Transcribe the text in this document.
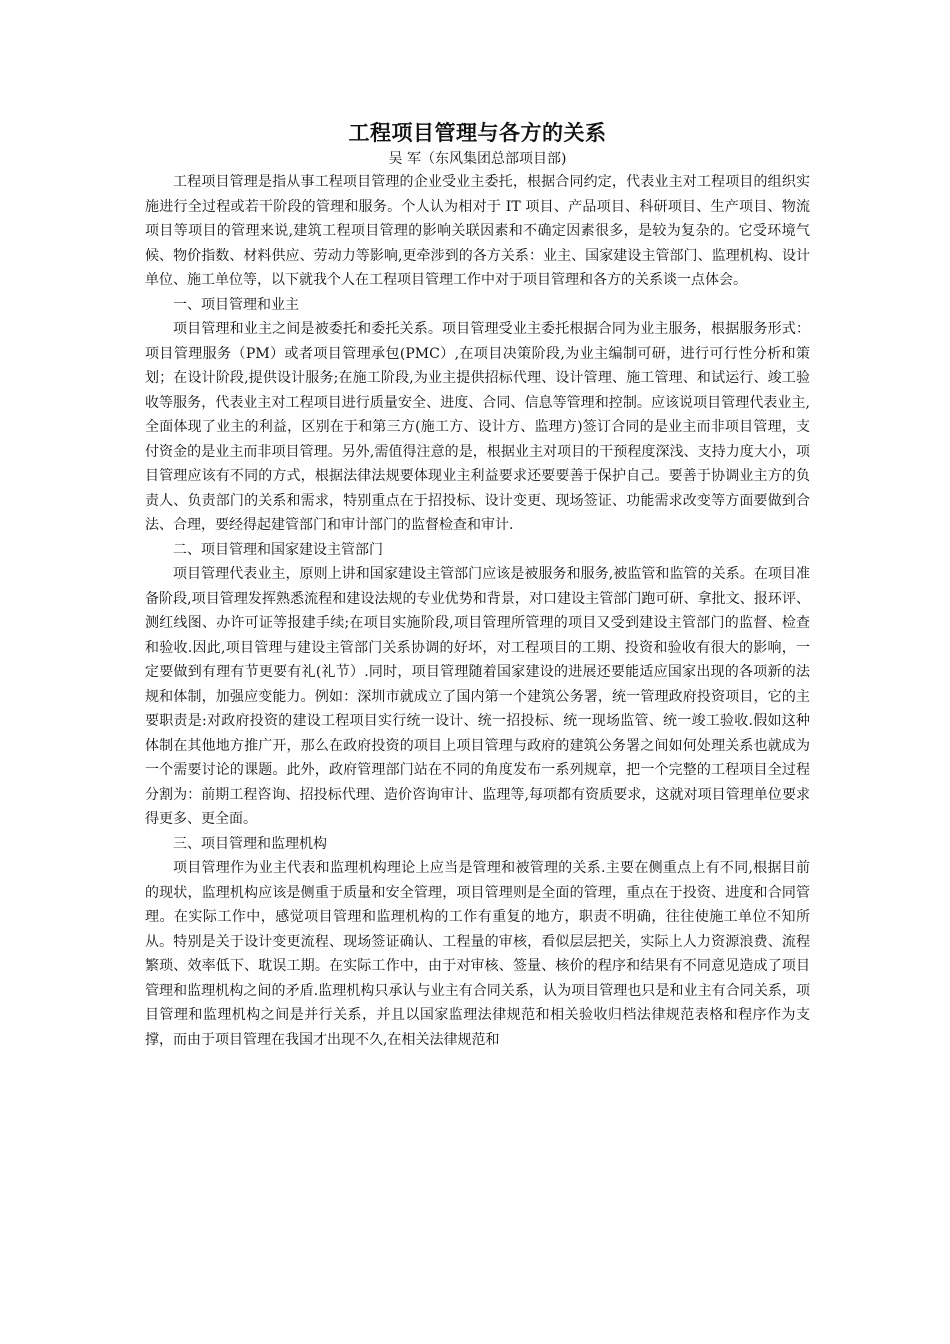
工程项目管理与各方的关系

吴 军（东风集团总部项目部)

工程项目管理是指从事工程项目管理的企业受业主委托，根据合同约定，代表业主对工程项目的组织实施进行全过程或若干阶段的管理和服务。个人认为相对于 IT 项目、产品项目、科研项目、生产项目、物流项目等项目的管理来说,建筑工程项目管理的影响关联因素和不确定因素很多，是较为复杂的。它受环境气候、物价指数、材料供应、劳动力等影响,更牵涉到的各方关系：业主、国家建设主管部门、监理机构、设计单位、施工单位等，以下就我个人在工程项目管理工作中对于项目管理和各方的关系谈一点体会。

一、项目管理和业主

项目管理和业主之间是被委托和委托关系。项目管理受业主委托根据合同为业主服务，根据服务形式：项目管理服务（PM）或者项目管理承包(PMC）,在项目决策阶段,为业主编制可研，进行可行性分析和策划；在设计阶段,提供设计服务;在施工阶段,为业主提供招标代理、设计管理、施工管理、和试运行、竣工验收等服务，代表业主对工程项目进行质量安全、进度、合同、信息等管理和控制。应该说项目管理代表业主,全面体现了业主的利益，区别在于和第三方(施工方、设计方、监理方)签订合同的是业主而非项目管理，支付资金的是业主而非项目管理。另外,需值得注意的是，根据业主对项目的干预程度深浅、支持力度大小，项目管理应该有不同的方式，根据法律法规要体现业主利益要求还要要善于保护自己。要善于协调业主方的负责人、负责部门的关系和需求，特别重点在于招投标、设计变更、现场签证、功能需求改变等方面要做到合法、合理，要经得起建管部门和审计部门的监督检查和审计.

二、项目管理和国家建设主管部门

项目管理代表业主，原则上讲和国家建设主管部门应该是被服务和服务,被监管和监管的关系。在项目准备阶段,项目管理发挥熟悉流程和建设法规的专业优势和背景，对口建设主管部门跑可研、拿批文、报环评、测红线图、办许可证等报建手续;在项目实施阶段,项目管理所管理的项目又受到建设主管部门的监督、检查和验收.因此,项目管理与建设主管部门关系协调的好坏，对工程项目的工期、投资和验收有很大的影响，一定要做到有理有节更要有礼(礼节）.同时，项目管理随着国家建设的进展还要能适应国家出现的各项新的法规和体制，加强应变能力。例如：深圳市就成立了国内第一个建筑公务署，统一管理政府投资项目，它的主要职责是:对政府投资的建设工程项目实行统一设计、统一招投标、统一现场监管、统一竣工验收.假如这种体制在其他地方推广开，那么在政府投资的项目上项目管理与政府的建筑公务署之间如何处理关系也就成为一个需要讨论的课题。此外，政府管理部门站在不同的角度发布一系列规章，把一个完整的工程项目全过程分割为：前期工程咨询、招投标代理、造价咨询审计、监理等,每项都有资质要求，这就对项目管理单位要求得更多、更全面。

三、项目管理和监理机构

项目管理作为业主代表和监理机构理论上应当是管理和被管理的关系.主要在侧重点上有不同,根据目前的现状，监理机构应该是侧重于质量和安全管理，项目管理则是全面的管理，重点在于投资、进度和合同管理。在实际工作中，感觉项目管理和监理机构的工作有重复的地方，职责不明确，往往使施工单位不知所从。特别是关于设计变更流程、现场签证确认、工程量的审核，看似层层把关，实际上人力资源浪费、流程繁琐、效率低下、耽误工期。在实际工作中，由于对审核、签量、核价的程序和结果有不同意见造成了项目管理和监理机构之间的矛盾.监理机构只承认与业主有合同关系，认为项目管理也只是和业主有合同关系，项目管理和监理机构之间是并行关系，并且以国家监理法律规范和相关验收归档法律规范表格和程序作为支撑，而由于项目管理在我国才出现不久,在相关法律规范和
